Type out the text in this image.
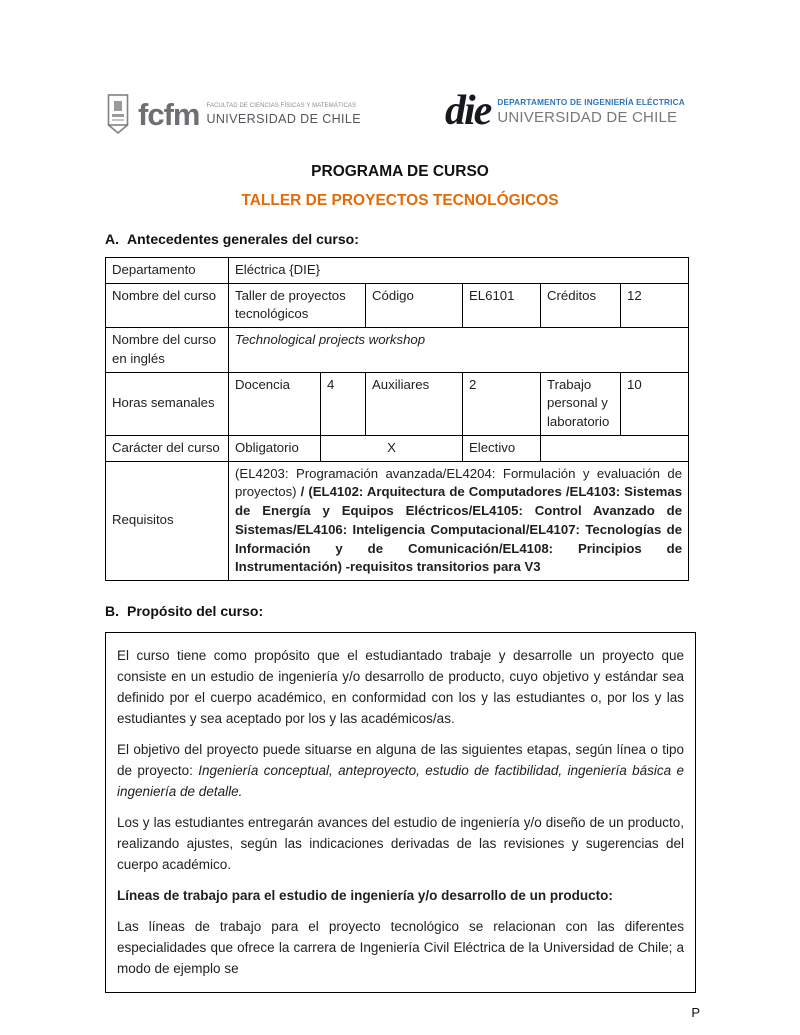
fcfm FACULTAD DE CIENCIAS FÍSICAS Y MATEMÁTICAS
UNIVERSIDAD DE CHILE die DEPARTAMENTO DE INGENIERÍA ELÉCTRICA
UNIVERSIDAD DE CHILE
PROGRAMA DE CURSO
TALLER DE PROYECTOS TECNOLÓGICOS
A. Antecedentes generales del curso:
Departamento	Eléctrica {DIE}					
Nombre del curso	Taller de proyectos tecnológicos		Código	EL6101	Créditos	12
Nombre del curso en inglés	Technological projects workshop					
Horas semanales	Docencia	4	Auxiliares	2	Trabajo personal y laboratorio	10
Carácter del curso	Obligatorio	X		Electivo		
Requisitos	(EL4203: Programación avanzada/EL4204: Formulación y evaluación de proyectos) / (EL4102: Arquitectura de Computadores /EL4103: Sistemas de Energía y Equipos Eléctricos/EL4105: Control Avanzado de Sistemas/EL4106: Inteligencia Computacional/EL4107: Tecnologías de Información y de Comunicación/EL4108: Principios de Instrumentación) -requisitos transitorios para V3					
B. Propósito del curso:

El curso tiene como propósito que el estudiantado trabaje y desarrolle un proyecto que consiste en un estudio de ingeniería y/o desarrollo de producto, cuyo objetivo y estándar sea definido por el cuerpo académico, en conformidad con los y las estudiantes o, por los y las estudiantes y sea aceptado por los y las académicos/as.

El objetivo del proyecto puede situarse en alguna de las siguientes etapas, según línea o tipo de proyecto: Ingeniería conceptual, anteproyecto, estudio de factibilidad, ingeniería básica e ingeniería de detalle.

Los y las estudiantes entregarán avances del estudio de ingeniería y/o diseño de un producto, realizando ajustes, según las indicaciones derivadas de las revisiones y sugerencias del cuerpo académico.

Líneas de trabajo para el estudio de ingeniería y/o desarrollo de un producto:

Las líneas de trabajo para el proyecto tecnológico se relacionan con las diferentes especialidades que ofrece la carrera de Ingeniería Civil Eléctrica de la Universidad de Chile; a modo de ejemplo se

P
